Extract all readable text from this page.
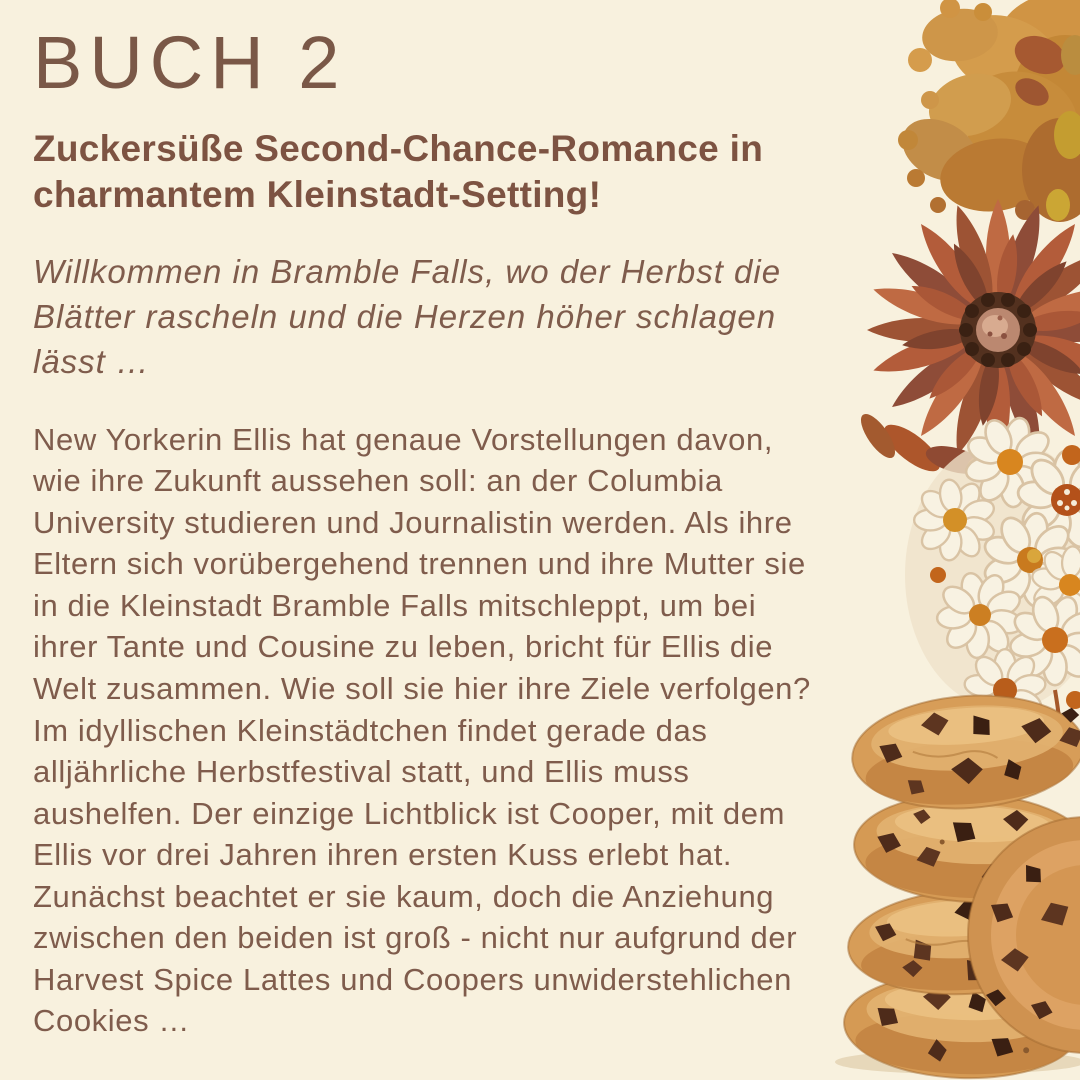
BUCH 2
Zuckersüße Second-Chance-Romance in charmantem Kleinstadt-Setting!

Willkommen in Bramble Falls, wo der Herbst die Blätter rascheln und die Herzen höher schlagen lässt …

New Yorkerin Ellis hat genaue Vorstellungen davon, wie ihre Zukunft aussehen soll: an der Columbia University studieren und Journalistin werden. Als ihre Eltern sich vorübergehend trennen und ihre Mutter sie in die Kleinstadt Bramble Falls mitschleppt, um bei ihrer Tante und Cousine zu leben, bricht für Ellis die Welt zusammen. Wie soll sie hier ihre Ziele verfolgen? Im idyllischen Kleinstädtchen findet gerade das alljährliche Herbstfestival statt, und Ellis muss aushelfen. Der einzige Lichtblick ist Cooper, mit dem Ellis vor drei Jahren ihren ersten Kuss erlebt hat. Zunächst beachtet er sie kaum, doch die Anziehung zwischen den beiden ist groß - nicht nur aufgrund der Harvest Spice Lattes und Coopers unwiderstehlichen Cookies …
